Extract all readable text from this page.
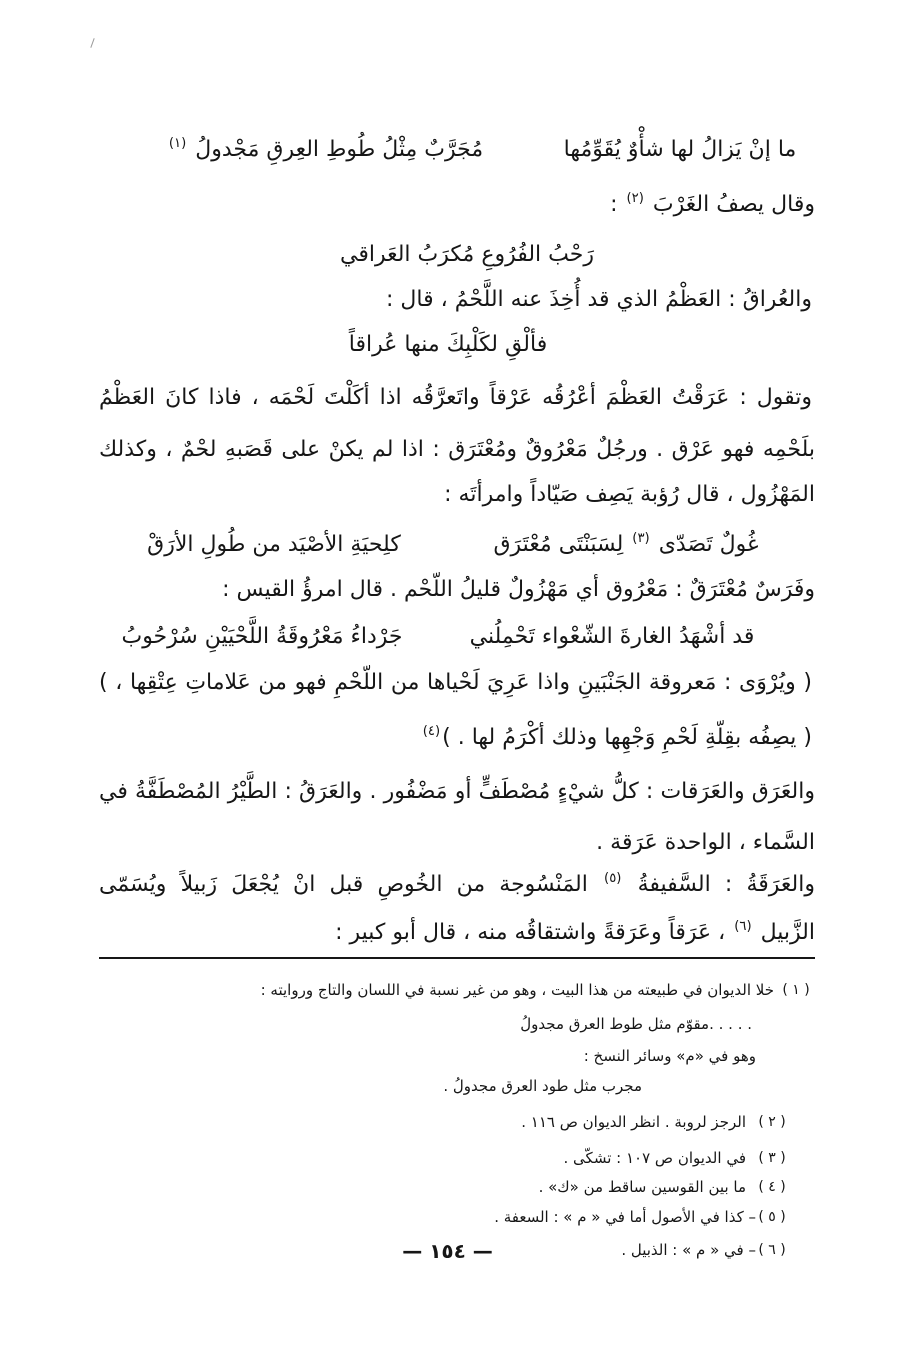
ما إنْ يَزالُ لها شأْوٌ يُقَوِّمُها
مُجَرَّبٌ مِثْلُ طُوطِ العِرقِ مَجْدولُ $^{(١)}$
وقال يصفُ الغَرْبَ $^{(٢)}$ :
رَحْبُ الفُرُوعِ مُكرَبُ العَراقي
والعُراقُ : العَظْمُ الذي قد أُخِذَ عنه اللَّحْمُ ، قال :
فألْقِ لكَلْبِكَ منها عُراقاً
وتقول : عَرَقْتُ العَظْمَ أعْرُقُه عَرْقاً واتَعرَّقُه اذا أكَلْتَ لَحْمَه ، فاذا كانَ العَظْمُ
بلَحْمِه فهو عَرْق . ورجُلٌ مَعْرُوقٌ ومُعْتَرَق : اذا لم يكنْ على قَصَبهِ لحْمٌ ، وكذلك
المَهْزُول ، قال رُؤبة يَصِف صَيّاداً وامرأتَه :
غُولٌ تَصَدّى $^{(٣)}$ لِسَبَنْتَى مُعْتَرَق
كلِحيَةِ الأصْيَد من طُولِ الأرَقْ
وفَرَسٌ مُعْتَرَقٌ : مَعْرُوق أي مَهْزُولٌ قليلُ اللّحْم . قال امرؤُ القيس :
قد أشْهَدُ الغارةَ الشّعْواء تَحْمِلُني
جَرْداءُ مَعْرُوقَةُ اللَّحْيَيْنِ سُرْحُوبُ
( ويُرْوَى : مَعروقة الجَنْبَينِ واذا عَرِيَ لَحْياها من اللّحْمِ فهو من عَلاماتِ عِتْقِها ، )
( يصِفُه بقِلّةِ لَحْمِ وَجْهِها وذلك أكْرَمُ لها . )$^{(٤)}$
والعَرَق والعَرَقات : كلُّ شيْءٍ مُصْطَفٍّ أو مَضْفُور . والعَرَقُ : الطَّيْرُ المُصْطَفَّةُ في
السَّماء ، الواحدة عَرَقة .
والعَرَقَةُ : السَّفيفةُ $^{(٥)}$ المَنْسُوجة من الخُوصِ قبل انْ يُجْعَلَ زَبيلاً ويُسَمّى
الزَّبيل $^{(٦)}$ ، عَرَقاً وعَرَقةً واشتقاقُه منه ، قال أبو كبير :
( ١ )
خلا الديوان في طبيعته من هذا البيت ، وهو من غير نسبة في اللسان والتاج وروايته :
. . . . .مقوّم مثل طوط العرق مجدولُ
وهو في «م» وسائر النسخ :
مجرب مثل طود العرق مجدولُ .
( ٢ )
الرجز لروبة . انظر الديوان ص ١١٦ .
( ٣ )
في الديوان ص ١٠٧ : تشكّى .
( ٤ )
ما بين القوسين ساقط من «ك» .
( ٥ )
– كذا في الأصول أما في « م » : السعفة .
( ٦ )
– في « م » : الذبيل .
— ١٥٤ —
